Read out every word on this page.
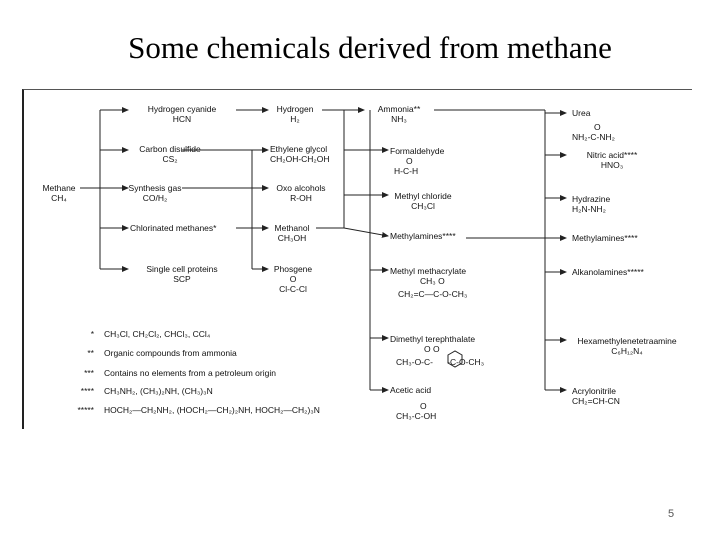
Some chemicals derived from methane
Methane
CH₄
Hydrogen cyanide
HCN
Carbon disulfide
CS₂
Synthesis gas
CO/H₂
Chlorinated methanes*
Single cell proteins
SCP
Hydrogen
H₂
Ethylene glycol
CH₂OH-CH₂OH
Oxo alcohols
R-OH
Methanol
CH₃OH
Phosgene
O
Cl-C-Cl
Ammonia**
NH₃
Formaldehyde
O
H-C-H
Methyl chloride
CH₃Cl
Methylamines****
Methyl methacrylate
CH₃ O
CH₂=C—C-O-CH₃
Dimethyl terephthalate
O O
CH₃-O-C-      -C-O-CH₃
Acetic acid
O
CH₃-C-OH
Urea
O
NH₂-C-NH₂
Nitric acid****
HNO₃
Hydrazine
H₂N-NH₂
Methylamines****
Alkanolamines*****
Hexamethylenetetraamine
C₆H₁₂N₄
Acrylonitrile
CH₂=CH-CN
* CH₃Cl, CH₂Cl₂, CHCl₃, CCl₄
** Organic compounds from ammonia
*** Contains no elements from a petroleum origin
**** CH₃NH₂, (CH₃)₂NH, (CH₃)₃N
***** HOCH₂—CH₂NH₂, (HOCH₂—CH₂)₂NH, HOCH₂—CH₂)₃N
5
